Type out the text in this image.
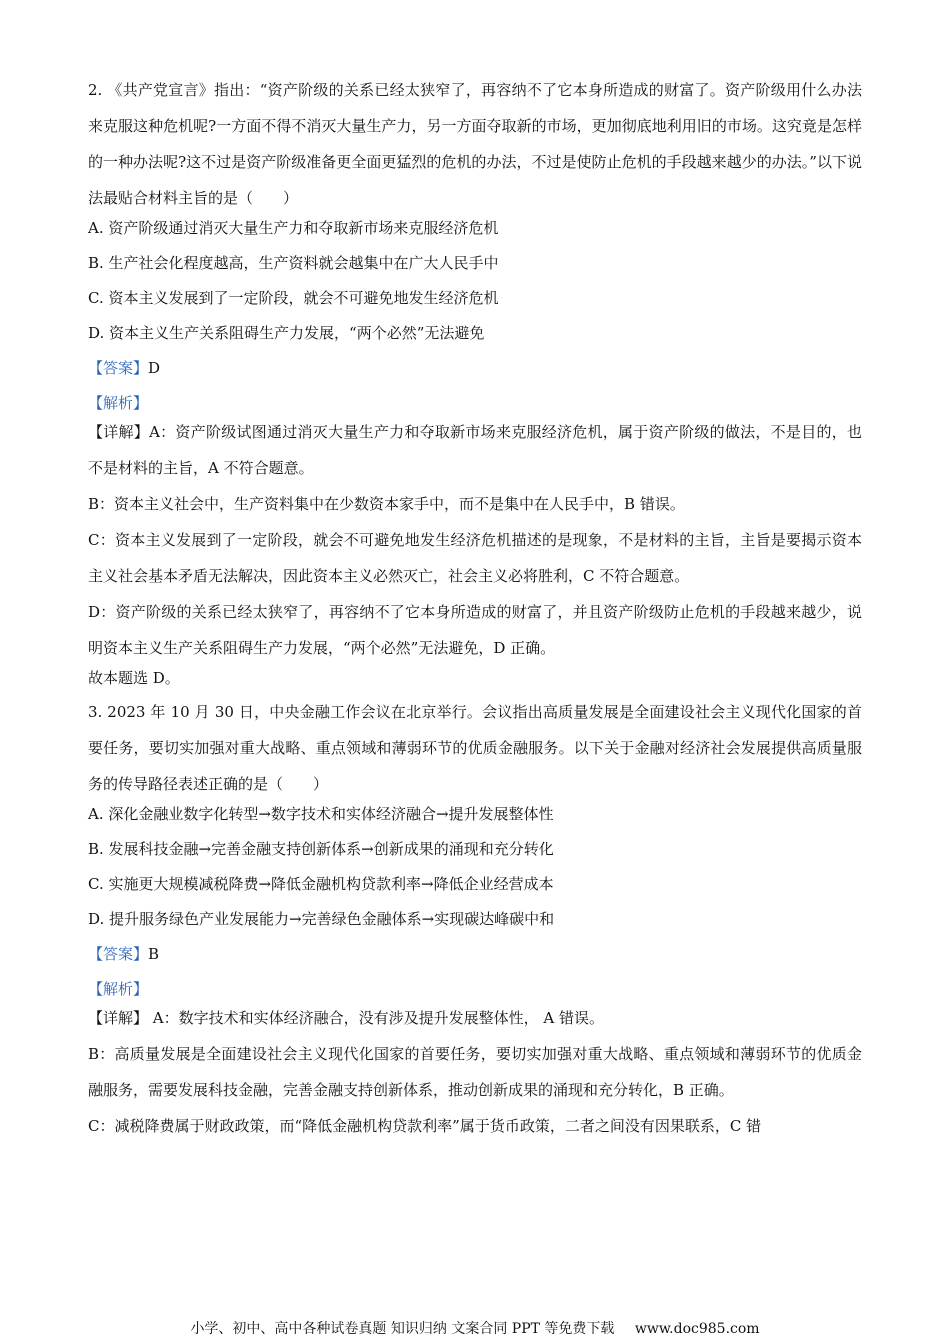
2. 《共产党宣言》指出：“资产阶级的关系已经太狭窄了，再容纳不了它本身所造成的财富了。资产阶级用什么办法来克服这种危机呢?一方面不得不消灭大量生产力，另一方面夺取新的市场，更加彻底地利用旧的市场。这究竟是怎样的一种办法呢?这不过是资产阶级准备更全面更猛烈的危机的办法，不过是使防止危机的手段越来越少的办法。”以下说法最贴合材料主旨的是（　　）

A. 资产阶级通过消灭大量生产力和夺取新市场来克服经济危机

B. 生产社会化程度越高，生产资料就会越集中在广大人民手中

C. 资本主义发展到了一定阶段，就会不可避免地发生经济危机

D. 资本主义生产关系阻碍生产力发展，“两个必然”无法避免

【答案】D

【解析】

【详解】A：资产阶级试图通过消灭大量生产力和夺取新市场来克服经济危机，属于资产阶级的做法，不是目的，也不是材料的主旨，A 不符合题意。

B：资本主义社会中，生产资料集中在少数资本家手中，而不是集中在人民手中，B 错误。

C：资本主义发展到了一定阶段，就会不可避免地发生经济危机描述的是现象，不是材料的主旨，主旨是要揭示资本主义社会基本矛盾无法解决，因此资本主义必然灭亡，社会主义必将胜利，C 不符合题意。

D：资产阶级的关系已经太狭窄了，再容纳不了它本身所造成的财富了，并且资产阶级防止危机的手段越来越少，说明资本主义生产关系阻碍生产力发展，“两个必然”无法避免，D 正确。

故本题选 D。

3. 2023 年 10 月 30 日，中央金融工作会议在北京举行。会议指出高质量发展是全面建设社会主义现代化国家的首要任务，要切实加强对重大战略、重点领域和薄弱环节的优质金融服务。以下关于金融对经济社会发展提供高质量服务的传导路径表述正确的是（　　）

A. 深化金融业数字化转型→数字技术和实体经济融合→提升发展整体性

B. 发展科技金融→完善金融支持创新体系→创新成果的涌现和充分转化

C. 实施更大规模减税降费→降低金融机构贷款利率→降低企业经营成本

D. 提升服务绿色产业发展能力→完善绿色金融体系→实现碳达峰碳中和

【答案】B

【解析】

【详解】 A：数字技术和实体经济融合，没有涉及提升发展整体性， A 错误。

B：高质量发展是全面建设社会主义现代化国家的首要任务，要切实加强对重大战略、重点领域和薄弱环节的优质金融服务，需要发展科技金融，完善金融支持创新体系，推动创新成果的涌现和充分转化，B 正确。

C：减税降费属于财政政策，而“降低金融机构贷款利率”属于货币政策，二者之间没有因果联系，C 错

小学、初中、高中各种试卷真题 知识归纳 文案合同 PPT 等免费下载 www.doc985.com
